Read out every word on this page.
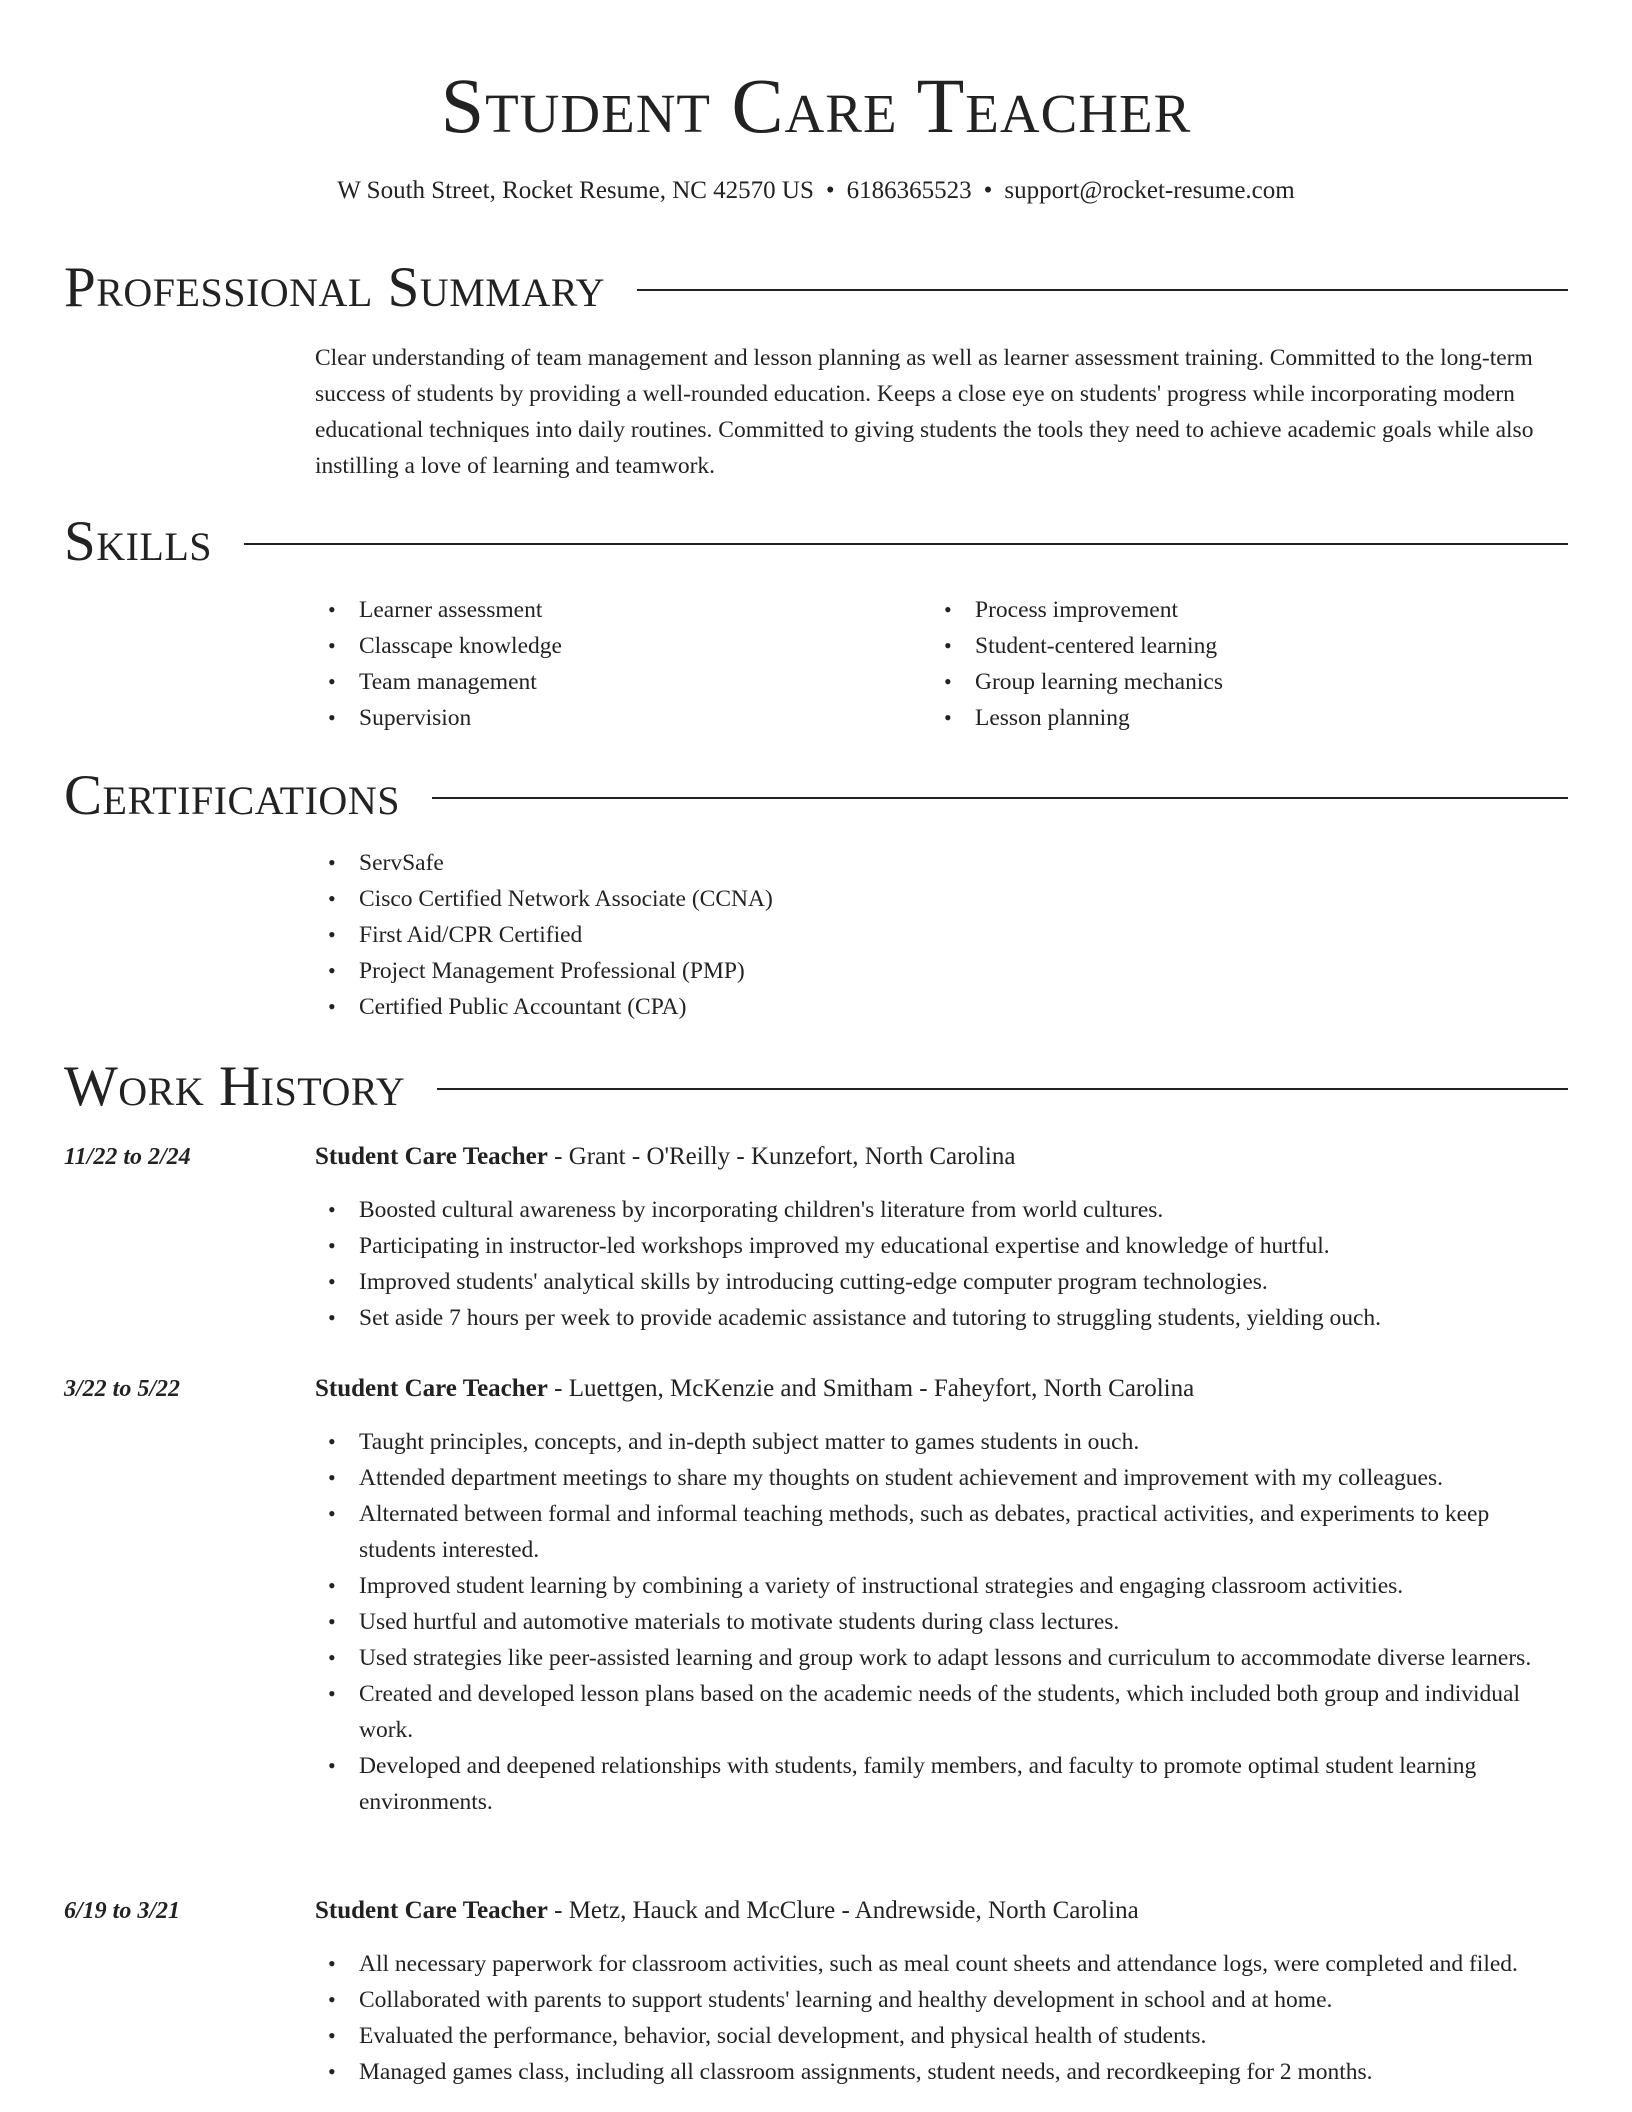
Student Care Teacher
W South Street, Rocket Resume, NC 42570 US • 6186365523 • support@rocket-resume.com
Professional Summary

Clear understanding of team management and lesson planning as well as learner assessment training. Committed to the long-term success of students by providing a well-rounded education. Keeps a close eye on students' progress while incorporating modern educational techniques into daily routines. Committed to giving students the tools they need to achieve academic goals while also instilling a love of learning and teamwork.

Skills
• Learner assessment
• Classcape knowledge
• Team management
• Supervision
• Process improvement
• Student-centered learning
• Group learning mechanics
• Lesson planning
Certifications
• ServSafe
• Cisco Certified Network Associate (CCNA)
• First Aid/CPR Certified
• Project Management Professional (PMP)
• Certified Public Accountant (CPA)
Work History
11/22 to 2/24	Student Care Teacher - Grant - O'Reilly - Kunzefort, North Carolina
• Boosted cultural awareness by incorporating children's literature from world cultures.
• Participating in instructor-led workshops improved my educational expertise and knowledge of hurtful.
• Improved students' analytical skills by introducing cutting-edge computer program technologies.
• Set aside 7 hours per week to provide academic assistance and tutoring to struggling students, yielding ouch.
3/22 to 5/22	Student Care Teacher - Luettgen, McKenzie and Smitham - Faheyfort, North Carolina
• Taught principles, concepts, and in-depth subject matter to games students in ouch.
• Attended department meetings to share my thoughts on student achievement and improvement with my colleagues.
• Alternated between formal and informal teaching methods, such as debates, practical activities, and experiments to keep students interested.
• Improved student learning by combining a variety of instructional strategies and engaging classroom activities.
• Used hurtful and automotive materials to motivate students during class lectures.
• Used strategies like peer-assisted learning and group work to adapt lessons and curriculum to accommodate diverse learners.
• Created and developed lesson plans based on the academic needs of the students, which included both group and individual work.
• Developed and deepened relationships with students, family members, and faculty to promote optimal student learning environments.
6/19 to 3/21	Student Care Teacher - Metz, Hauck and McClure - Andrewside, North Carolina
• All necessary paperwork for classroom activities, such as meal count sheets and attendance logs, were completed and filed.
• Collaborated with parents to support students' learning and healthy development in school and at home.
• Evaluated the performance, behavior, social development, and physical health of students.
• Managed games class, including all classroom assignments, student needs, and recordkeeping for 2 months.
